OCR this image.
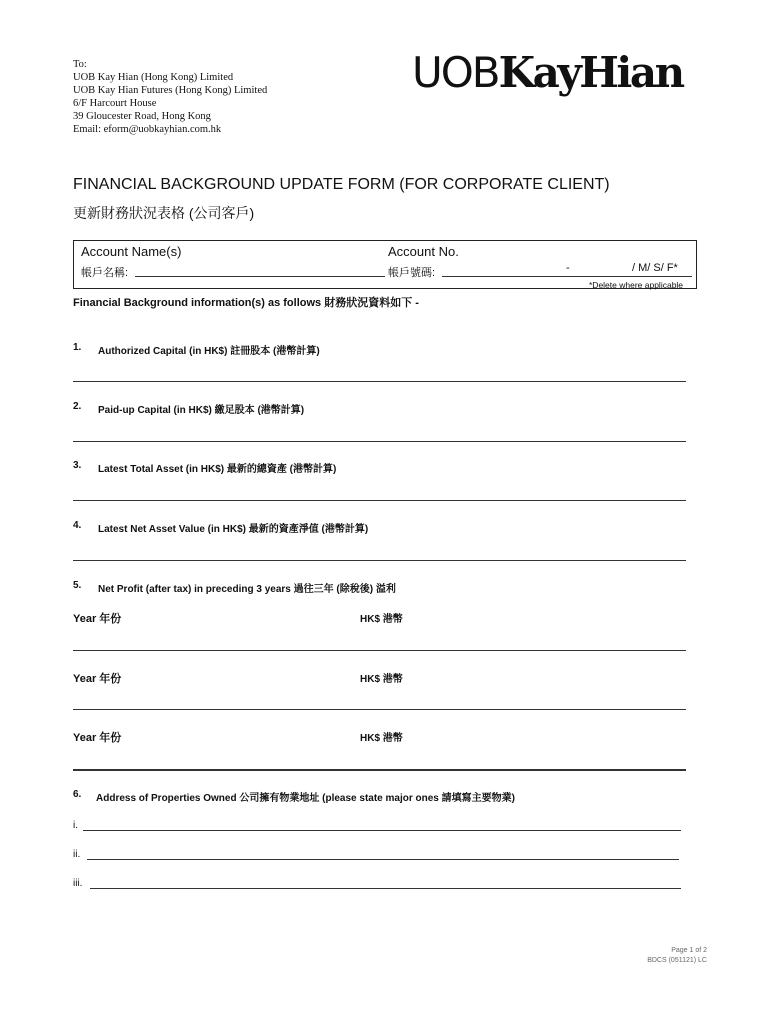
To:
UOB Kay Hian (Hong Kong) Limited
UOB Kay Hian Futures (Hong Kong) Limited
6/F Harcourt House
39 Gloucester Road, Hong Kong
Email: eform@uobkayhian.com.hk
UOBKayHian
FINANCIAL BACKGROUND UPDATE FORM (FOR CORPORATE CLIENT)
更新財務狀況表格 (公司客戶)
Account Name(s)
帳戶名稱:
Account No.
帳戶號碼:	-	/ M/ S/ F*
*Delete where applicable
Financial Background information(s) as follows 財務狀況資料如下 -
1. Authorized Capital (in HK$) 註冊股本 (港幣計算)
2. Paid-up Capital (in HK$) 繳足股本 (港幣計算)
3. Latest Total Asset (in HK$) 最新的總資產 (港幣計算)
4. Latest Net Asset Value (in HK$) 最新的資產淨值 (港幣計算)
5. Net Profit (after tax) in preceding 3 years 過往三年 (除稅後) 溢利
Year 年份	HK$ 港幣
Year 年份	HK$ 港幣
Year 年份	HK$ 港幣
6. Address of Properties Owned 公司擁有物業地址 (please state major ones 請填寫主要物業)
i.
ii.
iii.
Page 1 of 2
BDCS (051121) LC
